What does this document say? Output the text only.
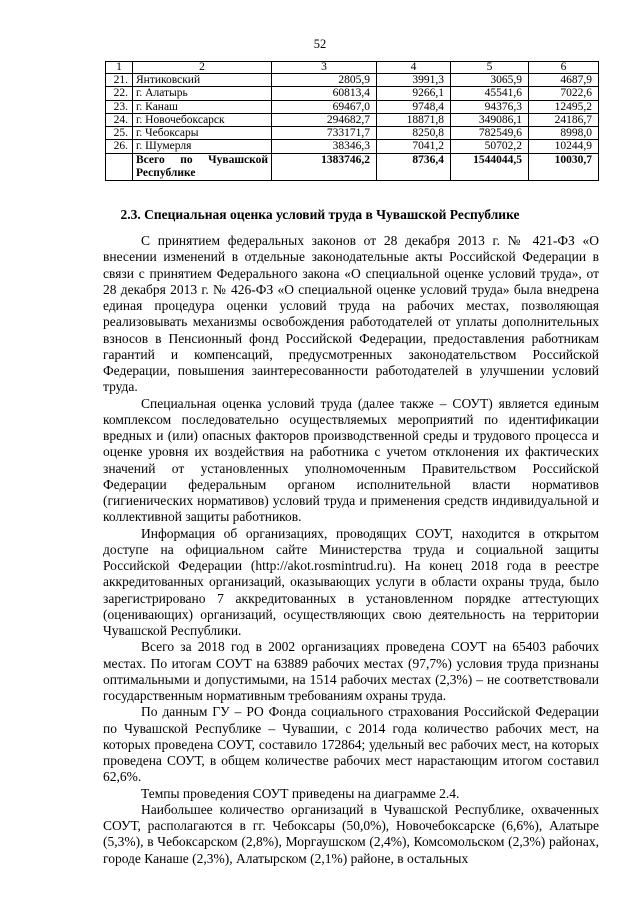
52
1	2	3	4	5	6
21.	Янтиковский	2805,9	3991,3	3065,9	4687,9
22.	г. Алатырь	60813,4	9266,1	45541,6	7022,6
23.	г. Канаш	69467,0	9748,4	94376,3	12495,2
24.	г. Новочебоксарск	294682,7	18871,8	349086,1	24186,7
25.	г. Чебоксары	733171,7	8250,8	782549,6	8998,0
26.	г. Шумерля	38346,3	7041,2	50702,2	10244,9
	Всего по Чувашской Республике	1383746,2	8736,4	1544044,5	10030,7
2.3. Специальная оценка условий труда в Чувашской Республике

С принятием федеральных законов от 28 декабря 2013 г. № 421-ФЗ «О внесении изменений в отдельные законодательные акты Российской Федерации в связи с принятием Федерального закона «О специальной оценке условий труда», от 28 декабря 2013 г. № 426-ФЗ «О специальной оценке условий труда» была внедрена единая процедура оценки условий труда на рабочих местах, позволяющая реализовывать механизмы освобождения работодателей от уплаты дополнительных взносов в Пенсионный фонд Российской Федерации, предоставления работникам гарантий и компенсаций, предусмотренных законодательством Российской Федерации, повышения заинтересованности работодателей в улучшении условий труда.

Специальная оценка условий труда (далее также – СОУТ) является единым комплексом последовательно осуществляемых мероприятий по идентификации вредных и (или) опасных факторов производственной среды и трудового процесса и оценке уровня их воздействия на работника с учетом отклонения их фактических значений от установленных уполномоченным Правительством Российской Федерации федеральным органом исполнительной власти нормативов (гигиенических нормативов) условий труда и применения средств индивидуальной и коллективной защиты работников.

Информация об организациях, проводящих СОУТ, находится в открытом доступе на официальном сайте Министерства труда и социальной защиты Российской Федерации (http://akot.rosmintrud.ru). На конец 2018 года в реестре аккредитованных организаций, оказывающих услуги в области охраны труда, было зарегистрировано 7 аккредитованных в установленном порядке аттестующих (оценивающих) организаций, осуществляющих свою деятельность на территории Чувашской Республики.

Всего за 2018 год в 2002 организациях проведена СОУТ на 65403 рабочих местах. По итогам СОУТ на 63889 рабочих местах (97,7%) условия труда признаны оптимальными и допустимыми, на 1514 рабочих местах (2,3%) – не соответствовали государственным нормативным требованиям охраны труда.

По данным ГУ – РО Фонда социального страхования Российской Федерации по Чувашской Республике – Чувашии, с 2014 года количество рабочих мест, на которых проведена СОУТ, составило 172864; удельный вес рабочих мест, на которых проведена СОУТ, в общем количестве рабочих мест нарастающим итогом составил 62,6%.

Темпы проведения СОУТ приведены на диаграмме 2.4.

Наибольшее количество организаций в Чувашской Республике, охваченных СОУТ, располагаются в гг. Чебоксары (50,0%), Новочебоксарске (6,6%), Алатыре (5,3%), в Чебоксарском (2,8%), Моргаушском (2,4%), Комсомольском (2,3%) районах, городе Канаше (2,3%), Алатырском (2,1%) районе, в остальных
